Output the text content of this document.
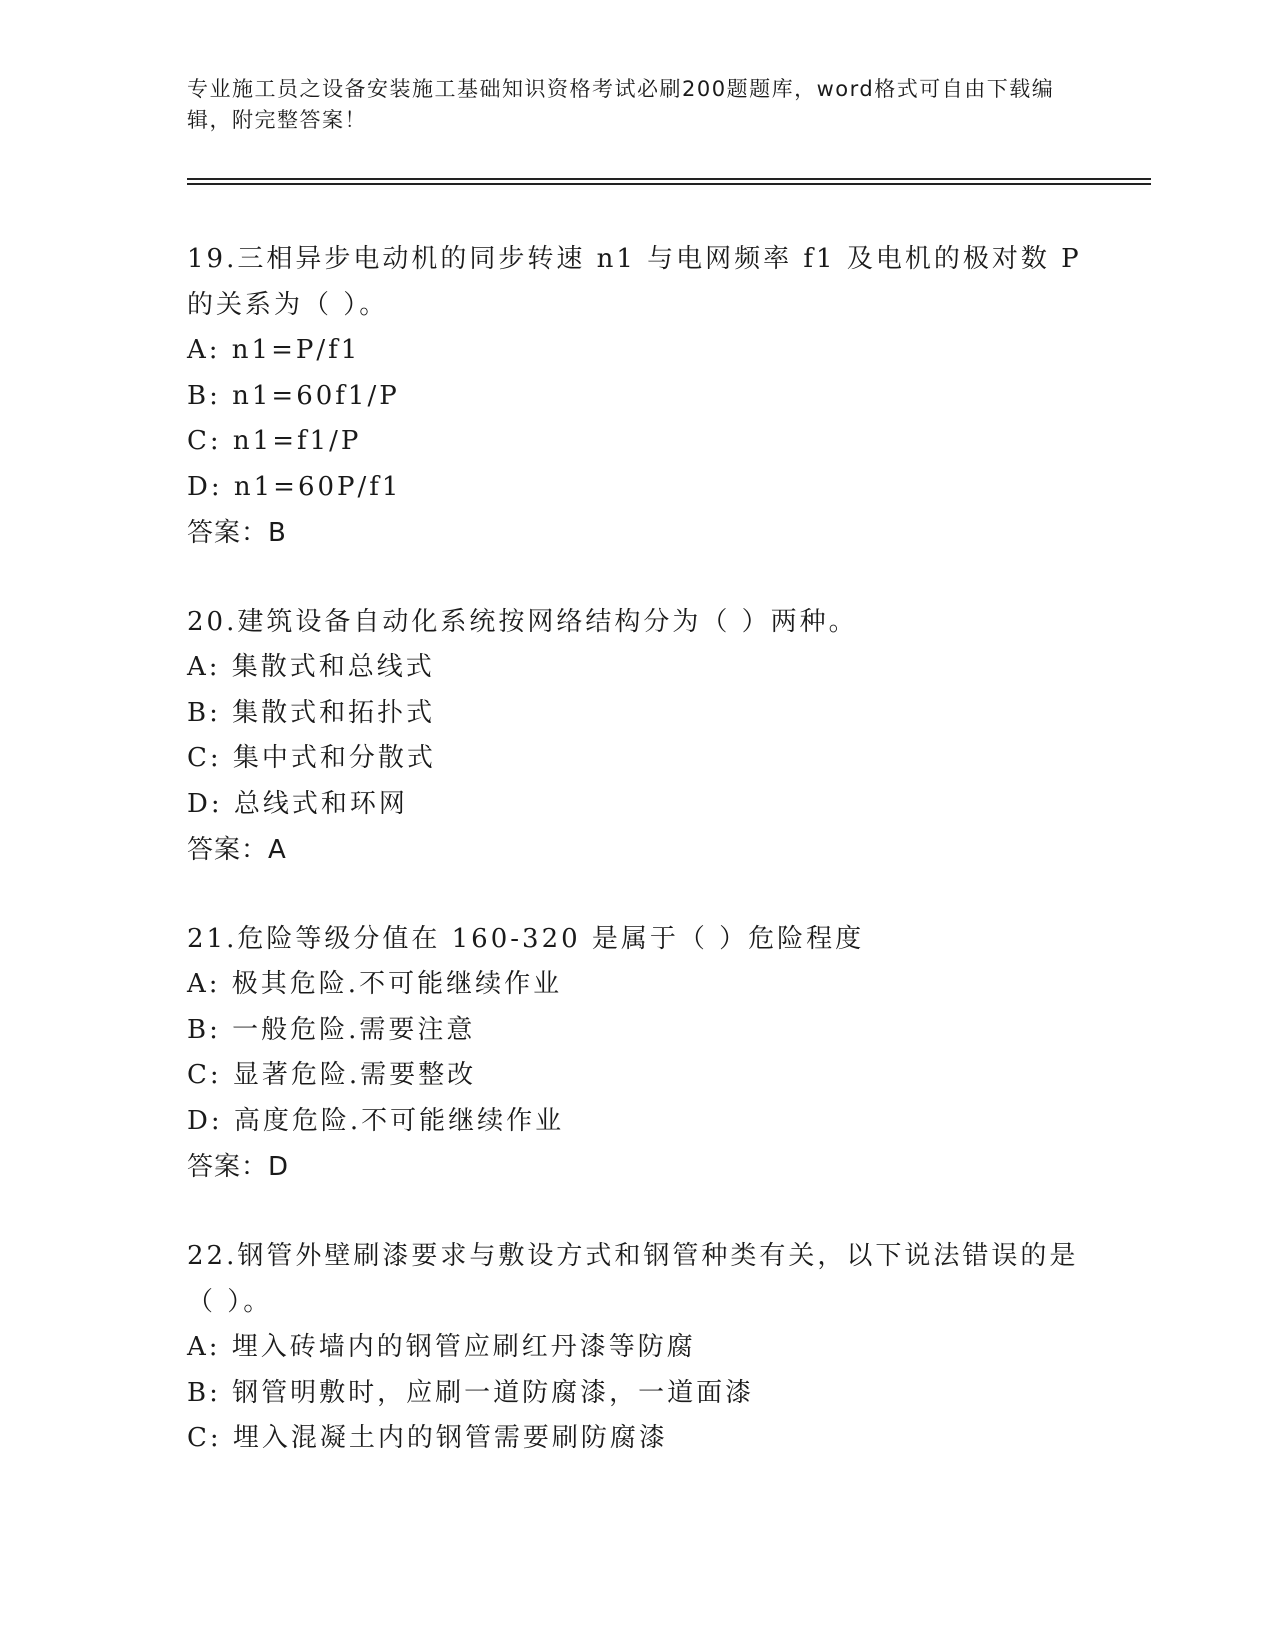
专业施工员之设备安装施工基础知识资格考试必刷200题题库，word格式可自由下载编辑，附完整答案！
19.三相异步电动机的同步转速 n1 与电网频率 f1 及电机的极对数 P 的关系为（ ）。
A: n1=P/f1
B: n1=60f1/P
C: n1=f1/P
D: n1=60P/f1
答案：B
20.建筑设备自动化系统按网络结构分为（ ）两种。
A: 集散式和总线式
B: 集散式和拓扑式
C: 集中式和分散式
D: 总线式和环网
答案：A
21.危险等级分值在 160-320 是属于（ ）危险程度
A: 极其危险.不可能继续作业
B: 一般危险.需要注意
C: 显著危险.需要整改
D: 高度危险.不可能继续作业
答案：D
22.钢管外壁刷漆要求与敷设方式和钢管种类有关，以下说法错误的是（ ）。
A: 埋入砖墙内的钢管应刷红丹漆等防腐
B: 钢管明敷时，应刷一道防腐漆，一道面漆
C: 埋入混凝土内的钢管需要刷防腐漆
